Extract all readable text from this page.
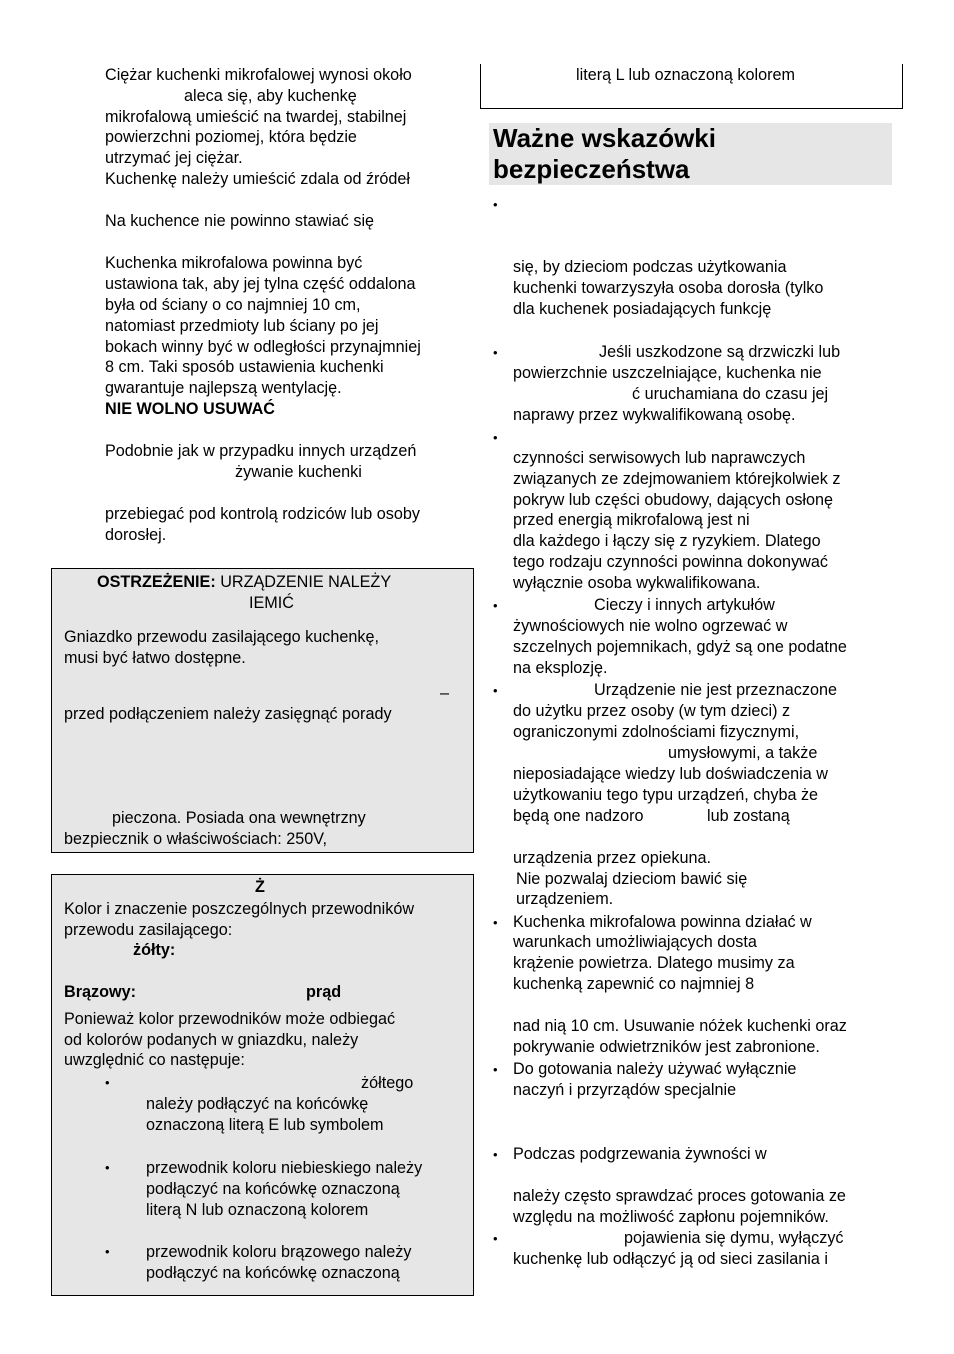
Ciężar kuchenki mikrofalowej wynosi około
aleca się, aby kuchenkę
mikrofalową umieścić na twardej, stabilnej
powierzchni poziomej, która będzie
utrzymać jej ciężar.
Kuchenkę należy umieścić zdala od źródeł
Na kuchence nie powinno stawiać się
Kuchenka mikrofalowa powinna być
ustawiona tak, aby jej tylna część oddalona
była od ściany o co najmniej 10 cm,
natomiast przedmioty lub ściany po jej
bokach winny być w odległości przynajmniej
8 cm. Taki sposób ustawienia kuchenki
gwarantuje najlepszą wentylację.
NIE WOLNO USUWAĆ
Podobnie jak w przypadku innych urządzeń
żywanie kuchenki
przebiegać pod kontrolą rodziców lub osoby
dorosłej.
OSTRZEŻENIE: URZĄDZENIE NALEŻY
IEMIĆ
Gniazdko przewodu zasilającego kuchenkę,
musi być łatwo dostępne.
–
przed podłączeniem należy zasięgnąć porady
pieczona. Posiada ona wewnętrzny
bezpiecznik o właściwościach: 250V,
Ż
Kolor i znaczenie poszczególnych przewodników
przewodu zasilającego:
żółty:
Brązowy:	prąd
Ponieważ kolor przewodników może odbiegać
od kolorów podanych w gniazdku, należy
uwzględnić co następuje:
•	żółtego
należy podłączyć na końcówkę
oznaczoną literą E lub symbolem
• przewodnik koloru niebieskiego należy
podłączyć na końcówkę oznaczoną
literą N lub oznaczoną kolorem
• przewodnik koloru brązowego należy
podłączyć na końcówkę oznaczoną
literą L lub oznaczoną kolorem
Ważne wskazówki
bezpieczeństwa
•
się, by dzieciom podczas użytkowania
kuchenki towarzyszyła osoba dorosła (tylko
dla kuchenek posiadających funkcję
•	Jeśli uszkodzone są drzwiczki lub
powierzchnie uszczelniające, kuchenka nie
ć uruchamiana do czasu jej
naprawy przez wykwalifikowaną osobę.
•
czynności serwisowych lub naprawczych
związanych ze zdejmowaniem którejkolwiek z
pokryw lub części obudowy, dających osłonę
przed energią mikrofalową jest ni
dla każdego i łączy się z ryzykiem. Dlatego
tego rodzaju czynności powinna dokonywać
wyłącznie osoba wykwalifikowana.
•	Cieczy i innych artykułów
żywnościowych nie wolno ogrzewać w
szczelnych pojemnikach, gdyż są one podatne
na eksplozję.
•	Urządzenie nie jest przeznaczone
do użytku przez osoby (w tym dzieci) z
ograniczonymi zdolnościami fizycznymi,
umysłowymi, a także
nieposiadające wiedzy lub doświadczenia w
użytkowaniu tego typu urządzeń, chyba że
będą one nadzoro	lub zostaną
urządzenia przez opiekuna.
Nie pozwalaj dzieciom bawić się
urządzeniem.
• Kuchenka mikrofalowa powinna działać w
warunkach umożliwiających dosta
krążenie powietrza. Dlatego musimy za
kuchenką zapewnić co najmniej 8
nad nią 10 cm. Usuwanie nóżek kuchenki oraz
pokrywanie odwietrzników jest zabronione.
• Do gotowania należy używać wyłącznie
naczyń i przyrządów specjalnie
• Podczas podgrzewania żywności w
należy często sprawdzać proces gotowania ze
względu na możliwość zapłonu pojemników.
•	pojawienia się dymu, wyłączyć
kuchenkę lub odłączyć ją od sieci zasilania i
